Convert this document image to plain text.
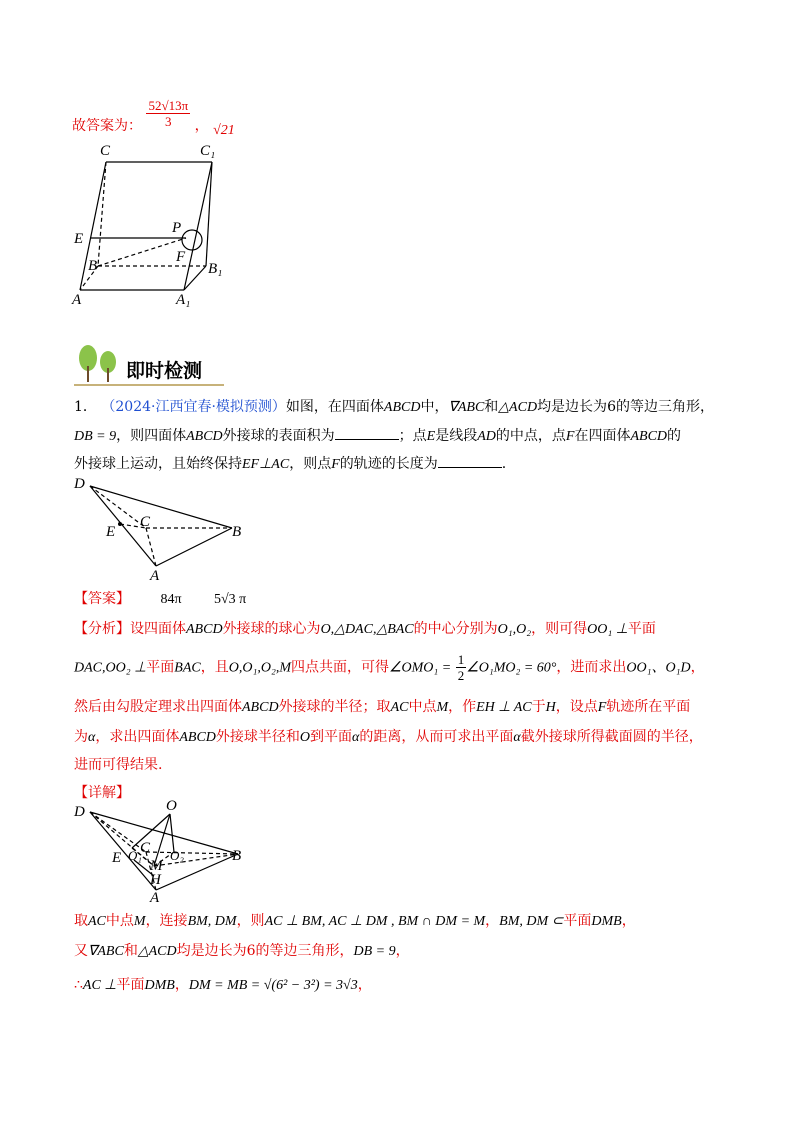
故答案为： $\frac{52√13\pi}{3}$ ， √21
C	C₁
E
P
F
B	B₁
A	A₁
即时检测
1． （2024·江西宜春·模拟预测）如图，在四面体ABCD中，∇ABC和△ACD均是边长为6的等边三角形，
DB = 9，则四面体ABCD外接球的表面积为	；点E是线段AD的中点，点F在四面体ABCD的
外接球上运动，且始终保持EF⊥AC，则点F的轨迹的长度为	.
D
C
E	B
A
【答案】 84π 5√3 π
【分析】设四面体ABCD外接球的球心为O,△DAC,△BAC的中心分别为O₁,O₂，则可得OO₁ ⊥平面
DAC,OO₂ ⊥平面BAC，且O,O₁,O₂,M四点共面，可得∠OMO₁ = $\frac{1}{2}$ ∠O₁MO₂ = 60°，进而求出OO₁、O₁D，
然后由勾股定理求出四面体ABCD外接球的半径；取AC中点M，作EH ⊥ AC于H，设点F轨迹所在平面
为α，求出四面体ABCD外接球半径和O到平面α的距离，从而可求出平面α截外接球所得截面圆的半径，
进而可得结果.
【详解】
D	O
C
E O₁ O₂
M
H
B
A
取AC中点M，连接BM, DM，则AC ⊥ BM, AC ⊥ DM , BM ∩ DM = M，BM, DM ⊂平面DMB，
又∇ABC和△ACD均是边长为6的等边三角形，DB = 9，
∴AC ⊥平面DMB，DM = MB = √(6² − 3²) = 3√3，
